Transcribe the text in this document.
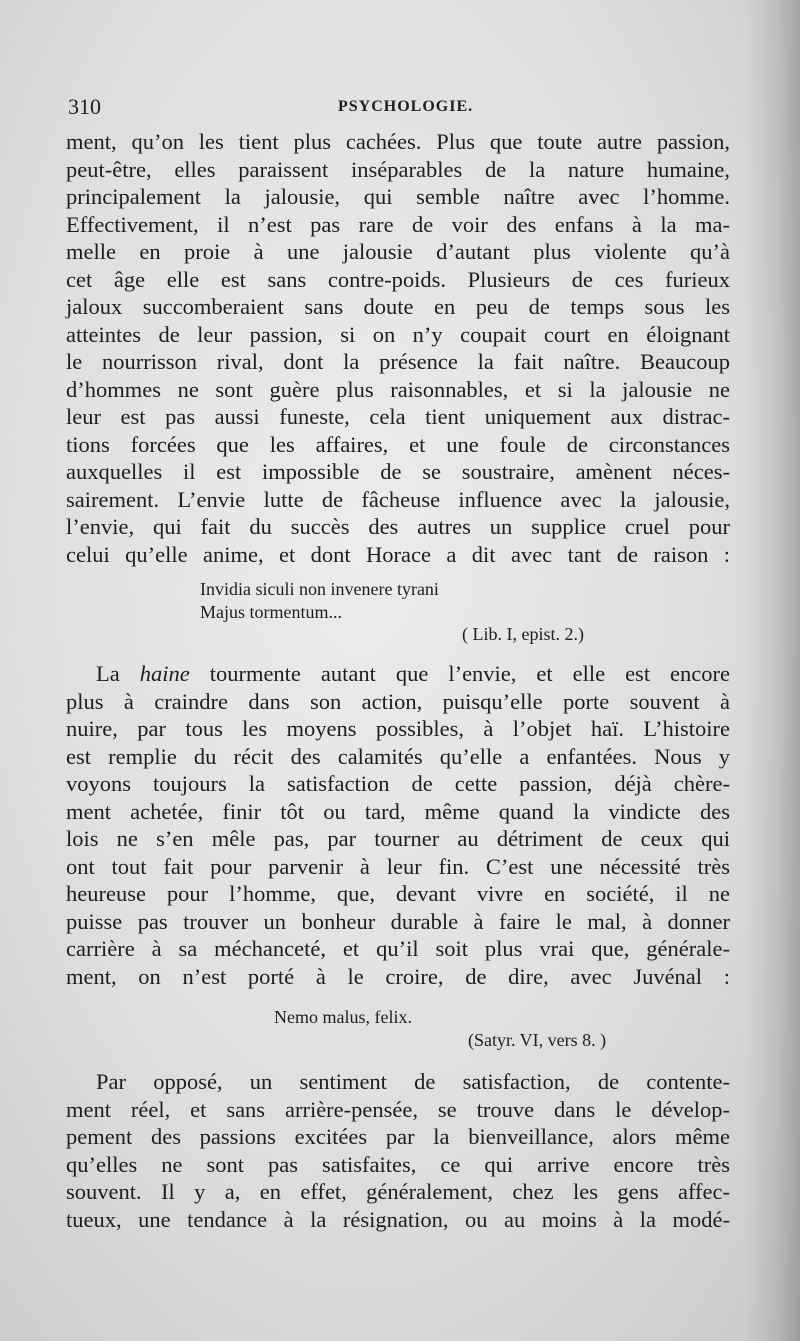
310	PSYCHOLOGIE.
ment, qu’on les tient plus cachées. Plus que toute autre passion,
peut-être, elles paraissent inséparables de la nature humaine,
principalement la jalousie, qui semble naître avec l’homme.
Effectivement, il n’est pas rare de voir des enfans à la ma-
melle en proie à une jalousie d’autant plus violente qu’à
cet âge elle est sans contre-poids. Plusieurs de ces furieux
jaloux succomberaient sans doute en peu de temps sous les
atteintes de leur passion, si on n’y coupait court en éloignant
le nourrisson rival, dont la présence la fait naître. Beaucoup
d’hommes ne sont guère plus raisonnables, et si la jalousie ne
leur est pas aussi funeste, cela tient uniquement aux distrac-
tions forcées que les affaires, et une foule de circonstances
auxquelles il est impossible de se soustraire, amènent néces-
sairement. L’envie lutte de fâcheuse influence avec la jalousie,
l’envie, qui fait du succès des autres un supplice cruel pour
celui qu’elle anime, et dont Horace a dit avec tant de raison :
Invidia siculi non invenere tyrani
Majus tormentum...
( Lib. I, epist. 2.)
La haine tourmente autant que l’envie, et elle est encore
plus à craindre dans son action, puisqu’elle porte souvent à
nuire, par tous les moyens possibles, à l’objet haï. L’histoire
est remplie du récit des calamités qu’elle a enfantées. Nous y
voyons toujours la satisfaction de cette passion, déjà chère-
ment achetée, finir tôt ou tard, même quand la vindicte des
lois ne s’en mêle pas, par tourner au détriment de ceux qui
ont tout fait pour parvenir à leur fin. C’est une nécessité très
heureuse pour l’homme, que, devant vivre en société, il ne
puisse pas trouver un bonheur durable à faire le mal, à donner
carrière à sa méchanceté, et qu’il soit plus vrai que, générale-
ment, on n’est porté à le croire, de dire, avec Juvénal :
Nemo malus, felix.
(Satyr. VI, vers 8. )
Par opposé, un sentiment de satisfaction, de contente-
ment réel, et sans arrière-pensée, se trouve dans le dévelop-
pement des passions excitées par la bienveillance, alors même
qu’elles ne sont pas satisfaites, ce qui arrive encore très
souvent. Il y a, en effet, généralement, chez les gens affec-
tueux, une tendance à la résignation, ou au moins à la modé-
